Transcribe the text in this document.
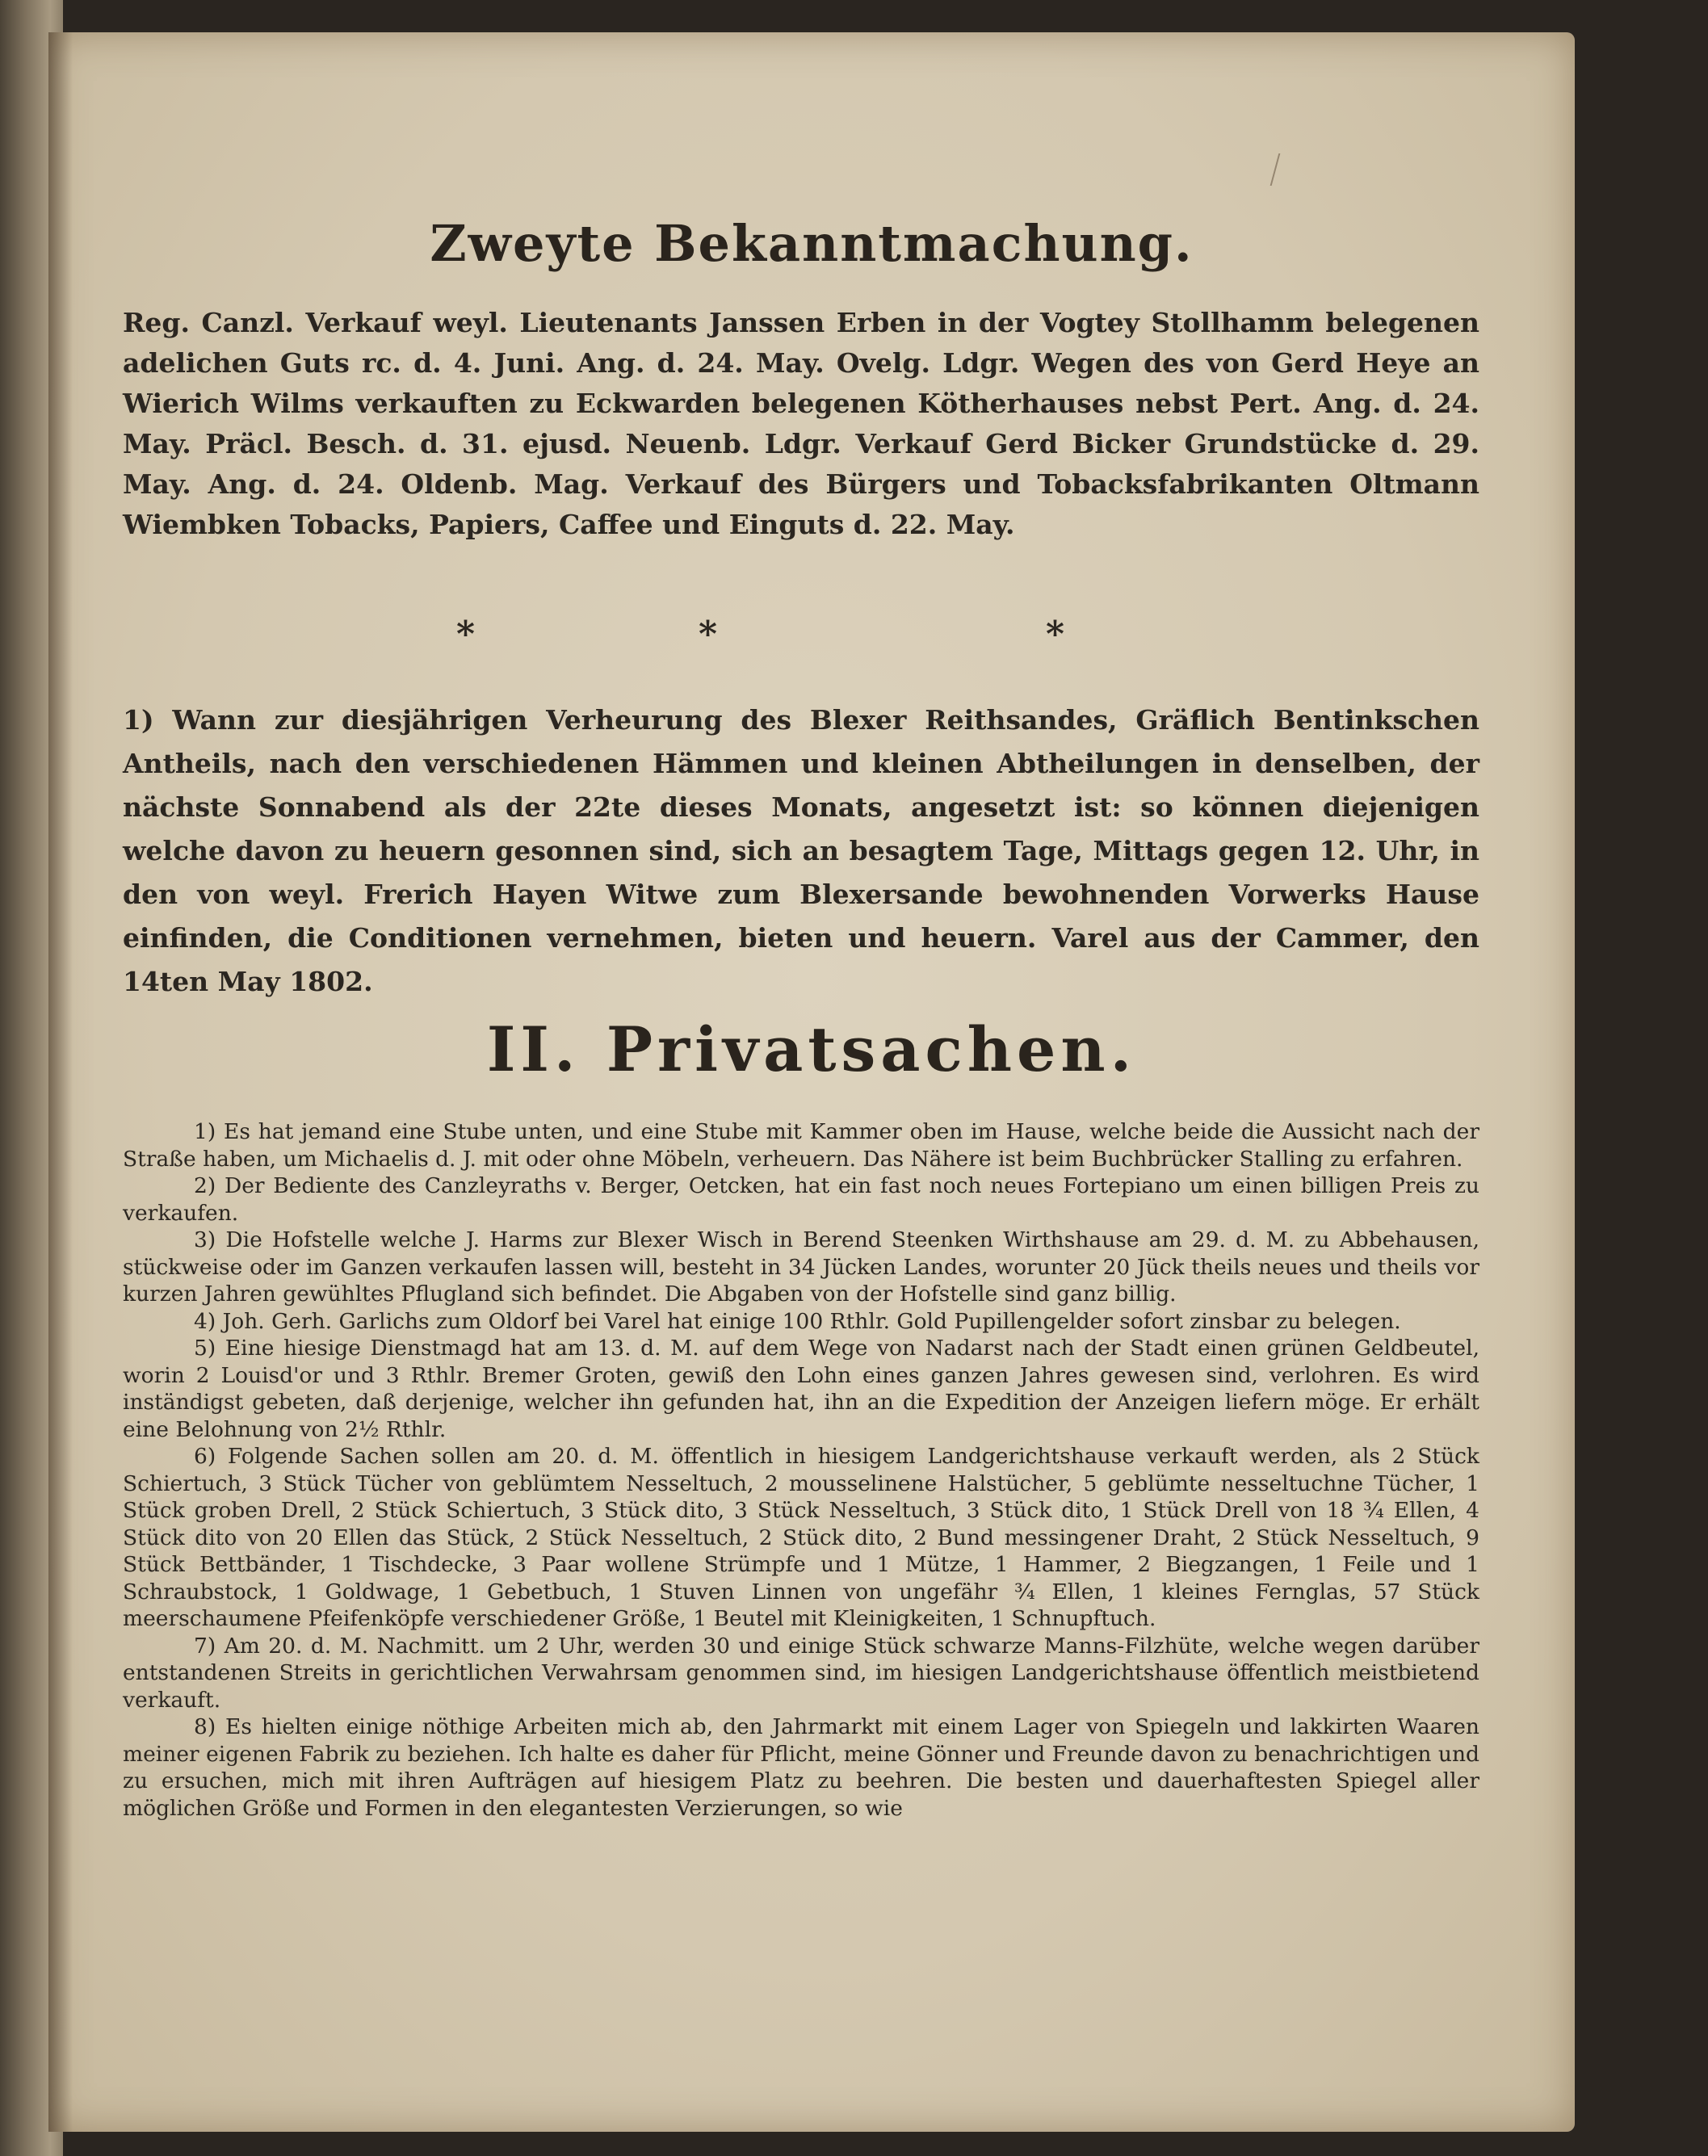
Zweyte Bekanntmachung.

Reg. Canzl. Verkauf weyl. Lieutenants Janssen Erben in der Vogtey Stollhamm belegenen adelichen Guts rc. d. 4. Juni. Ang. d. 24. May. Ovelg. Ldgr. Wegen des von Gerd Heye an Wierich Wilms verkauften zu Eckwarden belegenen Kötherhauses nebst Pert. Ang. d. 24. May. Präcl. Besch. d. 31. ejusd. Neuenb. Ldgr. Verkauf Gerd Bicker Grundstücke d. 29. May. Ang. d. 24. Oldenb. Mag. Verkauf des Bürgers und Tobacksfabrikanten Oltmann Wiembken Tobacks, Papiers, Caffee und Einguts d. 22. May.

*	*	*

1) Wann zur diesjährigen Verheurung des Blexer Reithsandes, Gräflich Bentinkschen Antheils, nach den verschiedenen Hämmen und kleinen Abtheilungen in denselben, der nächste Sonnabend als der 22te dieses Monats, angesetzt ist: so können diejenigen welche davon zu heuern gesonnen sind, sich an besagtem Tage, Mittags gegen 12. Uhr, in den von weyl. Frerich Hayen Witwe zum Blexersande bewohnenden Vorwerks Hause einfinden, die Conditionen vernehmen, bieten und heuern. Varel aus der Cammer, den 14ten May 1802.

II. Privatsachen.

1) Es hat jemand eine Stube unten, und eine Stube mit Kammer oben im Hause, welche beide die Aussicht nach der Straße haben, um Michaelis d. J. mit oder ohne Möbeln, verheuern. Das Nähere ist beim Buchbrücker Stalling zu erfahren.

2) Der Bediente des Canzleyraths v. Berger, Oetcken, hat ein fast noch neues Fortepiano um einen billigen Preis zu verkaufen.

3) Die Hofstelle welche J. Harms zur Blexer Wisch in Berend Steenken Wirthshause am 29. d. M. zu Abbehausen, stückweise oder im Ganzen verkaufen lassen will, besteht in 34 Jücken Landes, worunter 20 Jück theils neues und theils vor kurzen Jahren gewühltes Pflugland sich befindet. Die Abgaben von der Hofstelle sind ganz billig.

4) Joh. Gerh. Garlichs zum Oldorf bei Varel hat einige 100 Rthlr. Gold Pupillengelder sofort zinsbar zu belegen.

5) Eine hiesige Dienstmagd hat am 13. d. M. auf dem Wege von Nadarst nach der Stadt einen grünen Geldbeutel, worin 2 Louisd'or und 3 Rthlr. Bremer Groten, gewiß den Lohn eines ganzen Jahres gewesen sind, verlohren. Es wird inständigst gebeten, daß derjenige, welcher ihn gefunden hat, ihn an die Expedition der Anzeigen liefern möge. Er erhält eine Belohnung von 2½ Rthlr.

6) Folgende Sachen sollen am 20. d. M. öffentlich in hiesigem Landgerichtshause verkauft werden, als 2 Stück Schiertuch, 3 Stück Tücher von geblümtem Nesseltuch, 2 mousselinene Halstücher, 5 geblümte nesseltuchne Tücher, 1 Stück groben Drell, 2 Stück Schiertuch, 3 Stück dito, 3 Stück Nesseltuch, 3 Stück dito, 1 Stück Drell von 18 ¾ Ellen, 4 Stück dito von 20 Ellen das Stück, 2 Stück Nesseltuch, 2 Stück dito, 2 Bund messingener Draht, 2 Stück Nesseltuch, 9 Stück Bettbänder, 1 Tischdecke, 3 Paar wollene Strümpfe und 1 Mütze, 1 Hammer, 2 Biegzangen, 1 Feile und 1 Schraubstock, 1 Goldwage, 1 Gebetbuch, 1 Stuven Linnen von ungefähr ¾ Ellen, 1 kleines Fernglas, 57 Stück meerschaumene Pfeifenköpfe verschiedener Größe, 1 Beutel mit Kleinigkeiten, 1 Schnupftuch.

7) Am 20. d. M. Nachmitt. um 2 Uhr, werden 30 und einige Stück schwarze Manns-Filzhüte, welche wegen darüber entstandenen Streits in gerichtlichen Verwahrsam genommen sind, im hiesigen Landgerichtshause öffentlich meistbietend verkauft.

8) Es hielten einige nöthige Arbeiten mich ab, den Jahrmarkt mit einem Lager von Spiegeln und lakkirten Waaren meiner eigenen Fabrik zu beziehen. Ich halte es daher für Pflicht, meine Gönner und Freunde davon zu benachrichtigen und zu ersuchen, mich mit ihren Aufträgen auf hiesigem Platz zu beehren. Die besten und dauerhaftesten Spiegel aller möglichen Größe und Formen in den elegantesten Verzierungen, so wie
